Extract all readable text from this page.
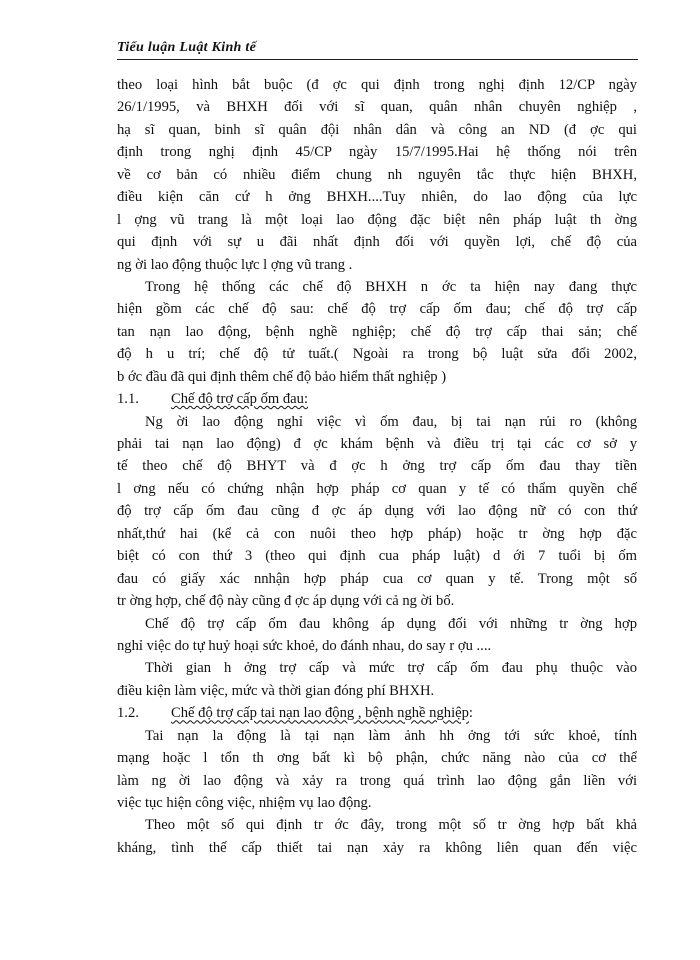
Tiểu luận Luật Kinh tế
theo loại hình bắt buộc (đ ợc qui định trong nghị định 12/CP ngày
26/1/1995, và BHXH đối với sĩ quan, quân nhân chuyên nghiệp ,
hạ sĩ quan, binh sĩ quân đội nhân dân và công an ND (đ ợc qui
định trong nghị định 45/CP ngày 15/7/1995.Hai hệ thống nói trên
về cơ bản có nhiều điểm chung nh nguyên tắc thực hiện BHXH,
điều kiện căn cứ h ởng BHXH....Tuy nhiên, do lao động của lực
l ợng vũ trang là một loại lao động đặc biệt nên pháp luật th ờng
qui định với sự u đãi nhất định đối với quyền lợi, chế độ của
ng ời lao động thuộc lực l ợng vũ trang .
Trong hệ thống các chế độ BHXH n ớc ta hiện nay đang thực
hiện gồm các chế độ sau: chế độ trợ cấp ốm đau; chế độ trợ cấp
tan nạn lao động, bệnh nghề nghiệp; chế độ trợ cấp thai sản; chế
độ h u trí; chế độ tử tuất.( Ngoài ra trong bộ luật sửa đổi 2002,
b ớc đầu đã qui định thêm chế độ bảo hiểm thất nghiệp )
1.1.	Chế độ trợ cấp ốm đau:
Ng ời lao động nghỉ việc vì ốm đau, bị tai nạn rủi ro (không
phải tai nạn lao động) đ ợc khám bệnh và điều trị tại các cơ sở y
tế theo chế độ BHYT và đ ợc h ởng trợ cấp ốm đau thay tiền
l ơng nếu có chứng nhận hợp pháp cơ quan y tế có thẩm quyền chế
độ trợ cấp ốm đau cũng đ ợc áp dụng với lao động nữ có con thứ
nhất,thứ hai (kể cả con nuôi theo hợp pháp) hoặc tr ờng hợp đặc
biệt có con thứ 3 (theo qui định cua pháp luật) d ới 7 tuổi bị ốm
đau có giấy xác nnhận hợp pháp cua cơ quan y tế. Trong một số
tr ờng hợp, chế độ này cũng đ ợc áp dụng với cả ng ời bố.
Chế độ trợ cấp ốm đau không áp dụng đối với những tr ờng hợp
nghỉ việc do tự huỷ hoại sức khoẻ, do đánh nhau, do say r ợu ....
Thời gian h ởng trợ cấp và mức trợ cấp ốm đau phụ thuộc vào
điều kiện làm việc, mức và thời gian đóng phí BHXH.
1.2.	Chế độ trợ cấp tai nạn lao động , bệnh nghề nghiệp :
Tai nạn la động là tại nạn làm ảnh hh ởng tới sức khoẻ, tính
mạng hoặc l tổn th ơng bất kì bộ phận, chức năng nào của cơ thể
làm ng ời lao động và xảy ra trong quá trình lao động gắn liền với
việc tục hiện công việc, nhiệm vụ lao động.
Theo một số qui định tr ớc đây, trong một số tr ờng hợp bất khả
kháng, tình thế cấp thiết tai nạn xảy ra không liên quan đến việc
